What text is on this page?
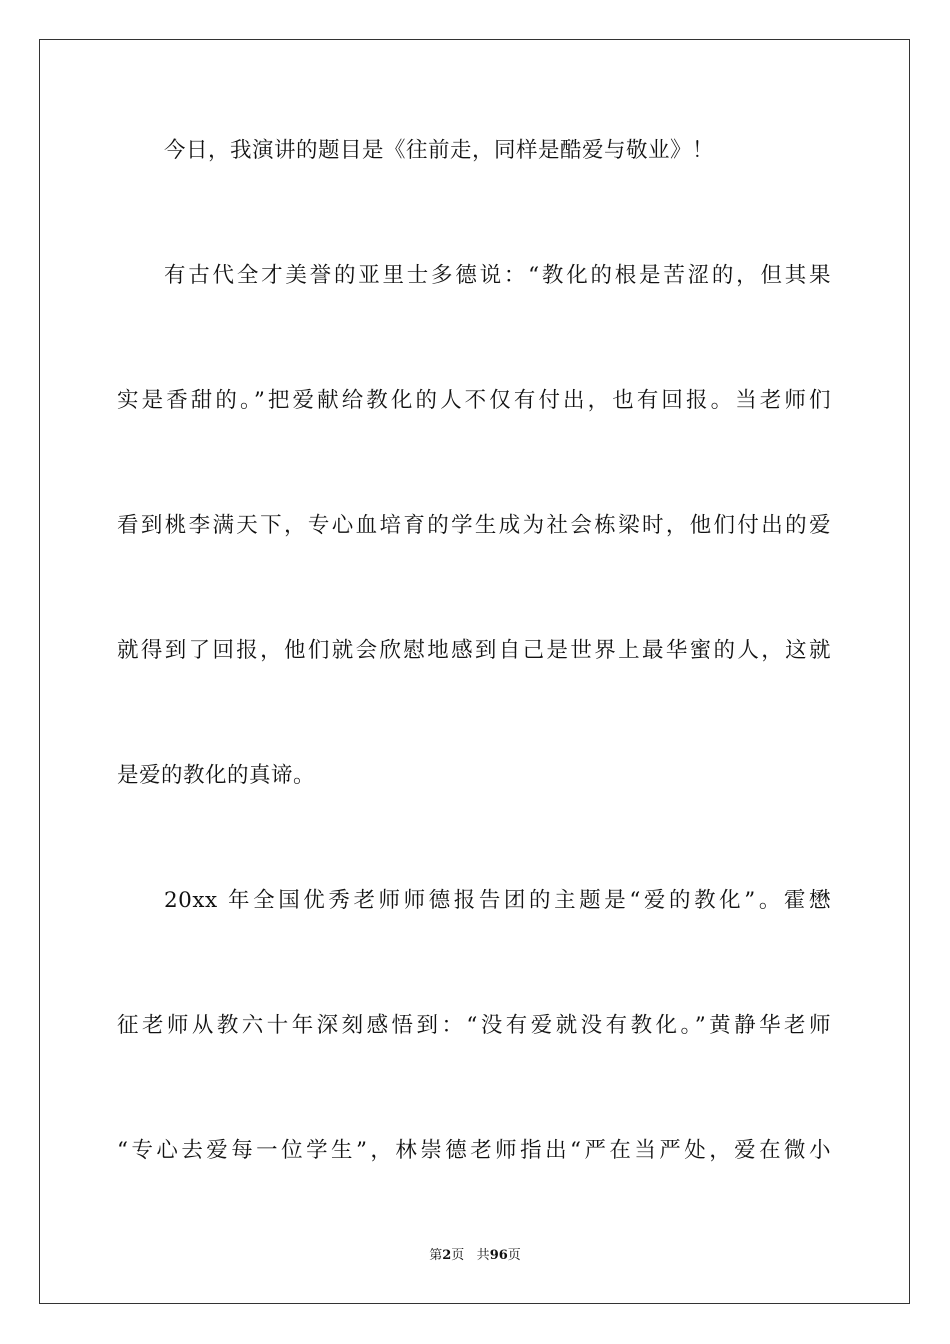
今日，我演讲的题目是《往前走，同样是酷爱与敬业》！
有古代全才美誉的亚里士多德说：“教化的根是苦涩的，但其果
实是香甜的。”把爱献给教化的人不仅有付出，也有回报。当老师们
看到桃李满天下，专心血培育的学生成为社会栋梁时，他们付出的爱
就得到了回报，他们就会欣慰地感到自己是世界上最华蜜的人，这就
是爱的教化的真谛。
20xx 年全国优秀老师师德报告团的主题是“爱的教化”。霍懋
征老师从教六十年深刻感悟到：“没有爱就没有教化。”黄静华老师
“专心去爱每一位学生”，林崇德老师指出“严在当严处，爱在微小
第2页 共96页
